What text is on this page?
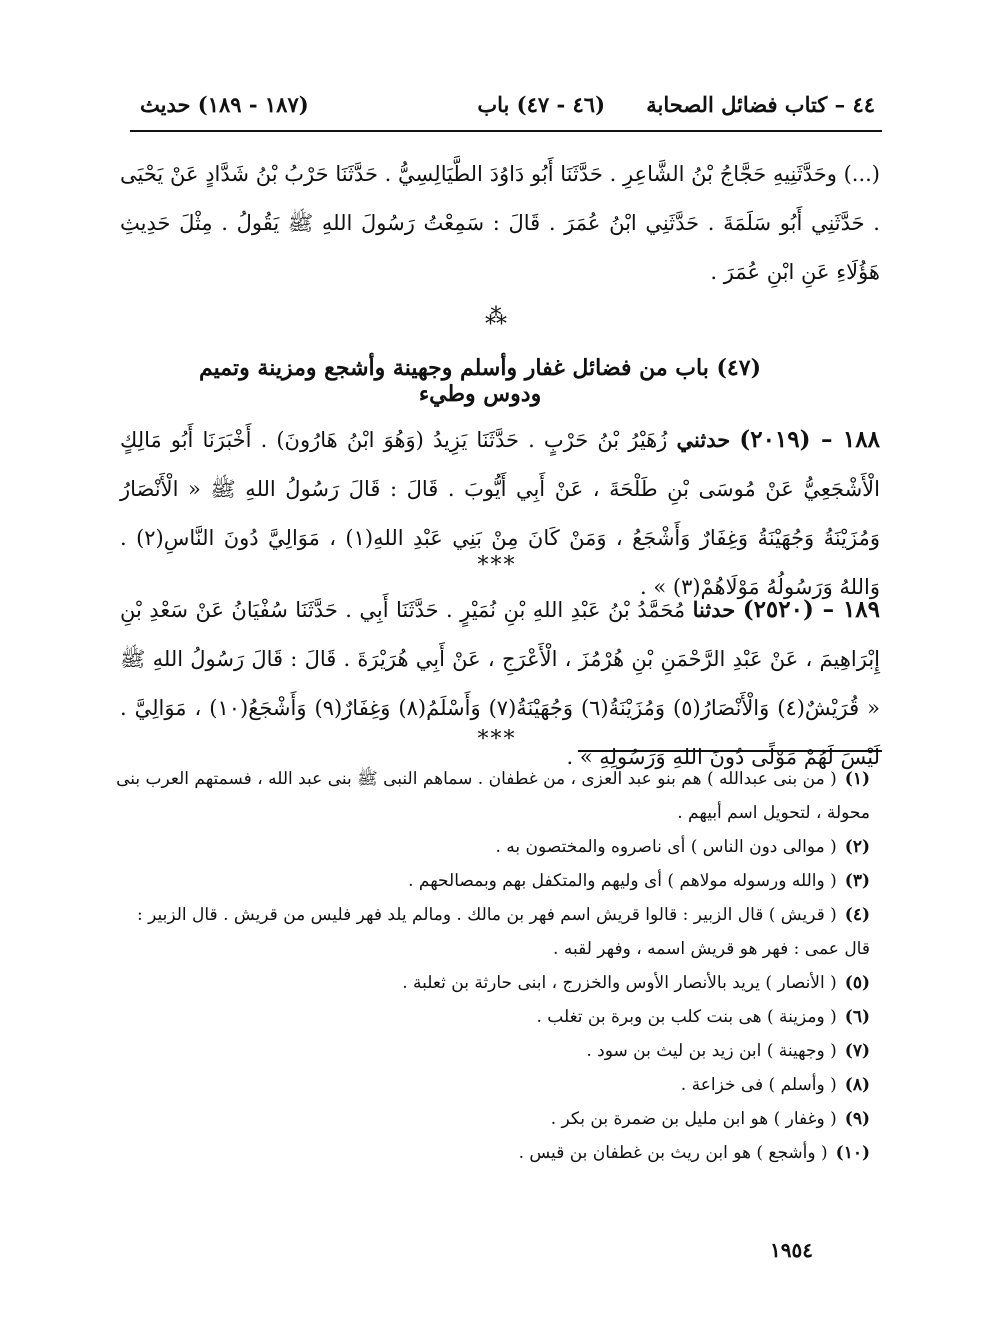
٤٤ – كتاب فضائل الصحابة
(٤٦ - ٤٧) باب
(١٨٧ - ١٨٩) حديث
(...) وحَدَّثَنِيهِ حَجَّاجُ بْنُ الشَّاعِرِ . حَدَّثَنَا أَبُو دَاوُدَ الطَّيَالِسِيُّ . حَدَّثَنَا حَرْبُ بْنُ شَدَّادٍ عَنْ يَحْيَى . حَدَّثَنِي أَبُو سَلَمَةَ . حَدَّثَنِي ابْنُ عُمَرَ . قَالَ : سَمِعْتُ رَسُولَ اللهِ ﷺ يَقُولُ . مِثْلَ حَدِيثِ هَؤُلَاءِ عَنِ ابْنِ عُمَرَ .
⁂
(٤٧) باب من فضائل غفار وأسلم وجهينة وأشجع ومزينة وتميم ودوس وطيء
١٨٨ – (٢٠١٩) حدثني زُهَيْرُ بْنُ حَرْبٍ . حَدَّثَنَا يَزِيدُ (وَهُوَ ابْنُ هَارُونَ) . أَخْبَرَنَا أَبُو مَالِكٍ الْأَشْجَعِيُّ عَنْ مُوسَى بْنِ طَلْحَةَ ، عَنْ أَبِي أَيُّوبَ . قَالَ : قَالَ رَسُولُ اللهِ ﷺ « الْأَنْصَارُ وَمُزَيْنَةُ وَجُهَيْنَةُ وَغِفَارٌ وَأَشْجَعُ ، وَمَنْ كَانَ مِنْ بَنِي عَبْدِ اللهِ(١) ، مَوَالِيَّ دُونَ النَّاسِ(٢) . وَاللهُ وَرَسُولُهُ مَوْلَاهُمْ(٣) » .
***
١٨٩ – (٢٥٢٠) حدثنا مُحَمَّدُ بْنُ عَبْدِ اللهِ بْنِ نُمَيْرٍ . حَدَّثَنَا أَبِي . حَدَّثَنَا سُفْيَانُ عَنْ سَعْدِ بْنِ إِبْرَاهِيمَ ، عَنْ عَبْدِ الرَّحْمَنِ بْنِ هُرْمُزَ ، الْأَعْرَجِ ، عَنْ أَبِي هُرَيْرَةَ . قَالَ : قَالَ رَسُولُ اللهِ ﷺ « قُرَيْشٌ(٤) وَالْأَنْصَارُ(٥) وَمُزَيْنَةُ(٦) وَجُهَيْنَةُ(٧) وَأَسْلَمُ(٨) وَغِفَارٌ(٩) وَأَشْجَعُ(١٠) ، مَوَالِيَّ . لَيْسَ لَهُمْ مَوْلًى دُونَ اللهِ وَرَسُولِهِ » .
***

(١)( من بنى عبدالله ) هم بنو عبد العزى ، من غطفان . سماهم النبى ﷺ بنى عبد الله ، فسمتهم العرب بنى محولة ، لتحويل اسم أبيهم .

(٢)( موالى دون الناس ) أى ناصروه والمختصون به .

(٣)( والله ورسوله مولاهم ) أى وليهم والمتكفل بهم وبمصالحهم .

(٤)( قريش ) قال الزبير : قالوا قريش اسم فهر بن مالك . ومالم يلد فهر فليس من قريش . قال الزبير : قال عمى : فهر هو قريش اسمه ، وفهر لقبه .

(٥)( الأنصار ) يريد بالأنصار الأوس والخزرج ، ابنى حارثة بن ثعلبة .

(٦)( ومزينة ) هى بنت كلب بن وبرة بن تغلب .

(٧)( وجهينة ) ابن زيد بن ليث بن سود .

(٨)( وأسلم ) فى خزاعة .

(٩)( وغفار ) هو ابن مليل بن ضمرة بن بكر .

(١٠)( وأشجع ) هو ابن ريث بن غطفان بن قيس .

١٩٥٤
